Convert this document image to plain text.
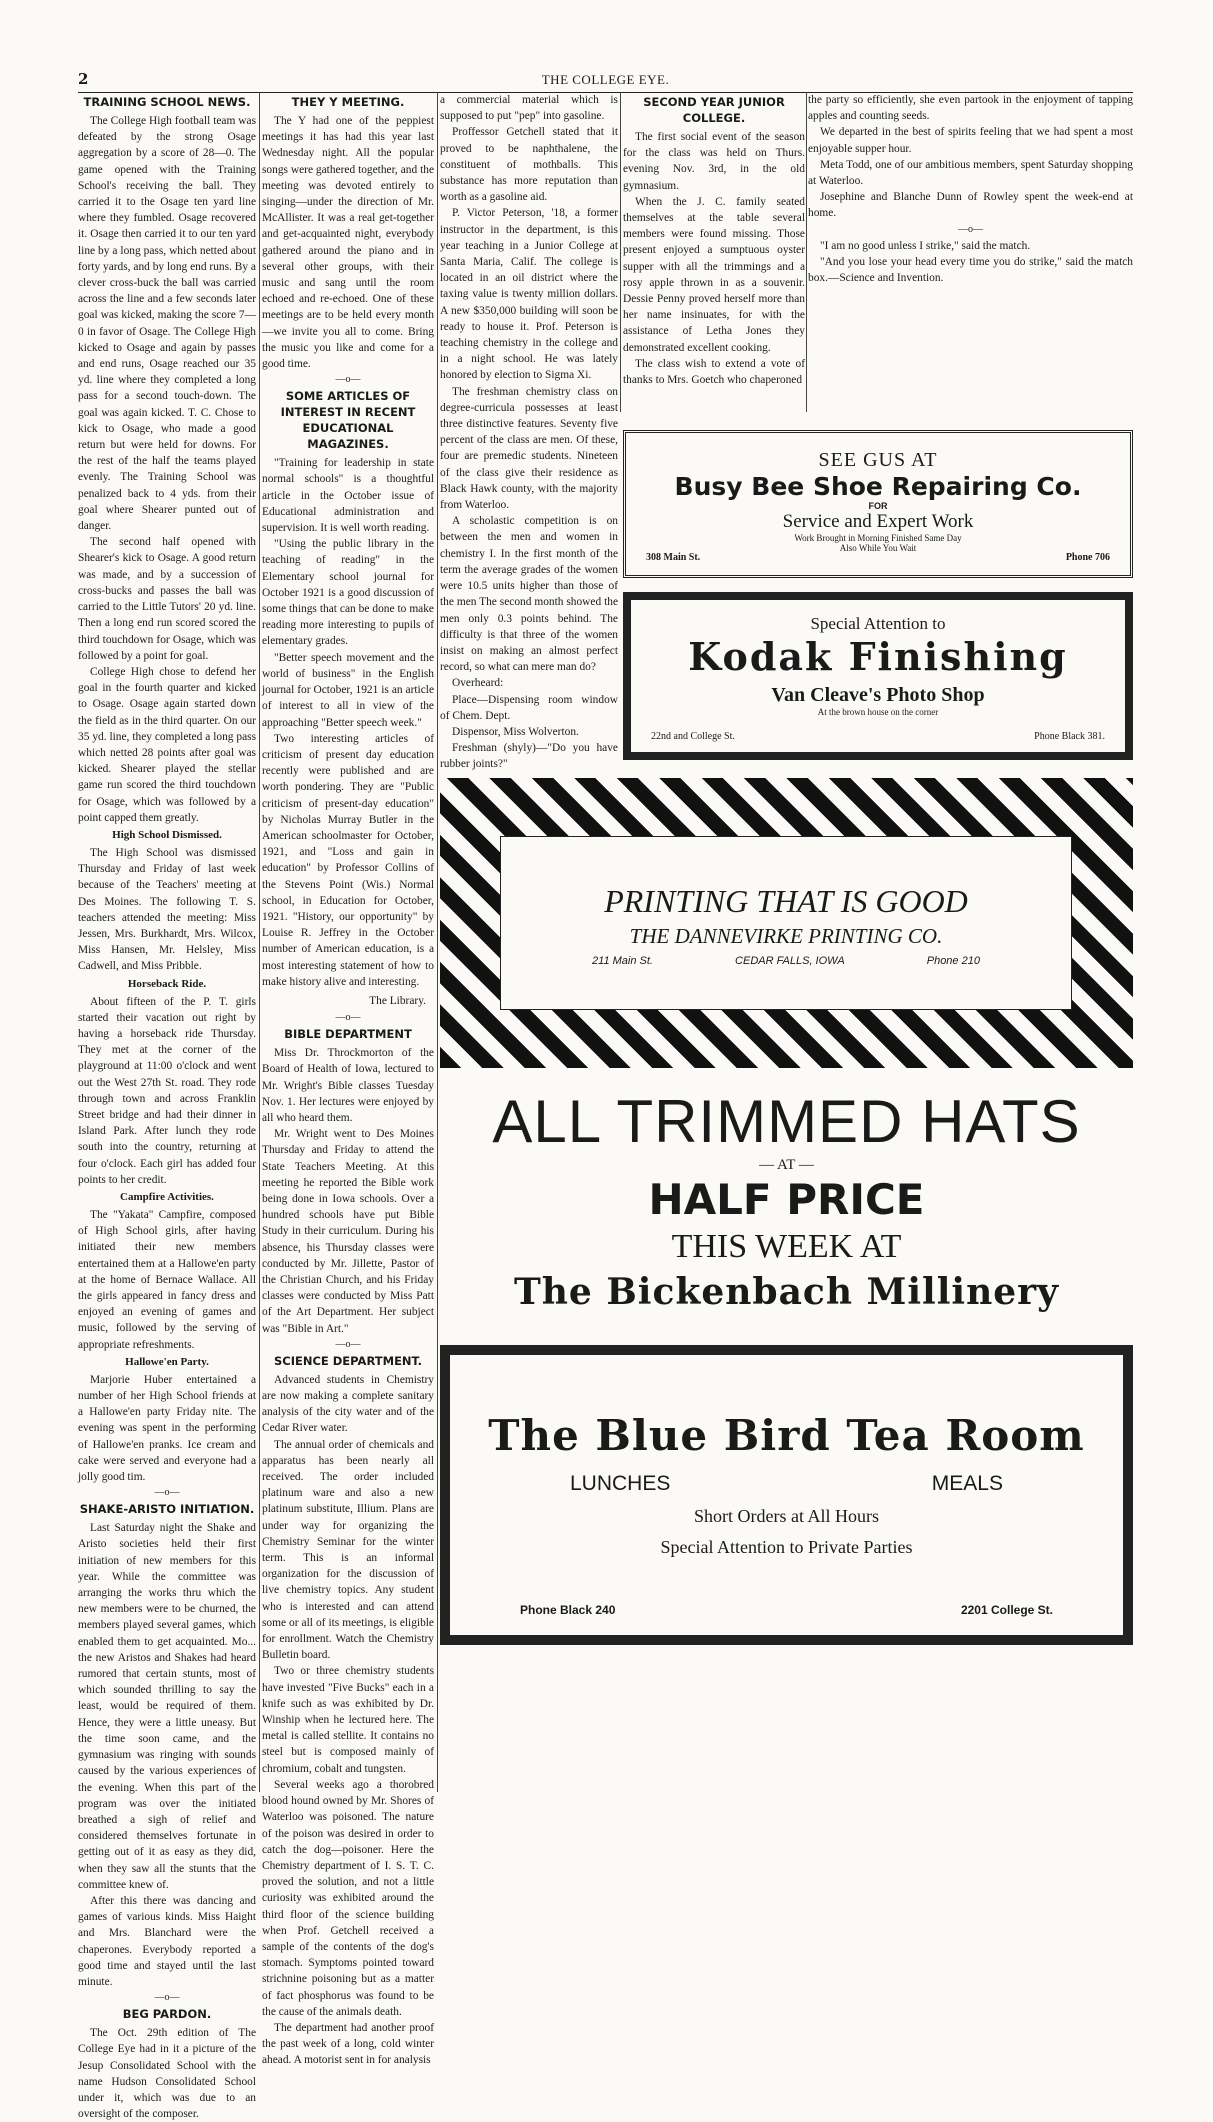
2	THE COLLEGE EYE.
TRAINING SCHOOL NEWS.

The College High football team was defeated by the strong Osage aggregation by a score of 28—0. The game opened with the Training School's receiving the ball. They carried it to the Osage ten yard line where they fumbled. Osage recovered it. Osage then carried it to our ten yard line by a long pass, which netted about forty yards, and by long end runs. By a clever cross-buck the ball was carried across the line and a few seconds later goal was kicked, making the score 7—0 in favor of Osage. The College High kicked to Osage and again by passes and end runs, Osage reached our 35 yd. line where they completed a long pass for a second touch-down. The goal was again kicked. T. C. Chose to kick to Osage, who made a good return but were held for downs. For the rest of the half the teams played evenly. The Training School was penalized back to 4 yds. from their goal where Shearer punted out of danger.

The second half opened with Shearer's kick to Osage. A good return was made, and by a succession of cross-bucks and passes the ball was carried to the Little Tutors' 20 yd. line. Then a long end run scored scored the third touchdown for Osage, which was followed by a point for goal.

College High chose to defend her goal in the fourth quarter and kicked to Osage. Osage again started down the field as in the third quarter. On our 35 yd. line, they completed a long pass which netted 28 points after goal was kicked. Shearer played the stellar game run scored the third touchdown for Osage, which was followed by a point capped them greatly.

High School Dismissed.

The High School was dismissed Thursday and Friday of last week because of the Teachers' meeting at Des Moines. The following T. S. teachers attended the meeting: Miss Jessen, Mrs. Burkhardt, Mrs. Wilcox, Miss Hansen, Mr. Helsley, Miss Cadwell, and Miss Pribble.

Horseback Ride.

About fifteen of the P. T. girls started their vacation out right by having a horseback ride Thursday. They met at the corner of the playground at 11:00 o'clock and went out the West 27th St. road. They rode through town and across Franklin Street bridge and had their dinner in Island Park. After lunch they rode south into the country, returning at four o'clock. Each girl has added four points to her credit.

Campfire Activities.

The "Yakata" Campfire, composed of High School girls, after having initiated their new members entertained them at a Hallowe'en party at the home of Bernace Wallace. All the girls appeared in fancy dress and enjoyed an evening of games and music, followed by the serving of appropriate refreshments.

Hallowe'en Party.

Marjorie Huber entertained a number of her High School friends at a Hallowe'en party Friday nite. The evening was spent in the performing of Hallowe'en pranks. Ice cream and cake were served and everyone had a jolly good tim.

—o—
SHAKE-ARISTO INITIATION.

Last Saturday night the Shake and Aristo societies held their first initiation of new members for this year. While the committee was arranging the works thru which the new members were to be churned, the members played several games, which enabled them to get acquainted. Mo... the new Aristos and Shakes had heard rumored that certain stunts, most of which sounded thrilling to say the least, would be required of them. Hence, they were a little uneasy. But the time soon came, and the gymnasium was ringing with sounds caused by the various experiences of the evening. When this part of the program was over the initiated breathed a sigh of relief and considered themselves fortunate in getting out of it as easy as they did, when they saw all the stunts that the committee knew of.

After this there was dancing and games of various kinds. Miss Haight and Mrs. Blanchard were the chaperones. Everybody reported a good time and stayed until the last minute.

—o—
BEG PARDON.

The Oct. 29th edition of The College Eye had in it a picture of the Jesup Consolidated School with the name Hudson Consolidated School under it, which was due to an oversight of the composer.

THEY Y MEETING.

The Y had one of the peppiest meetings it has had this year last Wednesday night. All the popular songs were gathered together, and the meeting was devoted entirely to singing—under the direction of Mr. McAllister. It was a real get-together and get-acquainted night, everybody gathered around the piano and in several other groups, with their music and sang until the room echoed and re-echoed. One of these meetings are to be held every month—we invite you all to come. Bring the music you like and come for a good time.

—o—
SOME ARTICLES OF INTEREST IN RECENT EDUCATIONAL MAGAZINES.

"Training for leadership in state normal schools" is a thoughtful article in the October issue of Educational administration and supervision. It is well worth reading.

"Using the public library in the teaching of reading" in the Elementary school journal for October 1921 is a good discussion of some things that can be done to make reading more interesting to pupils of elementary grades.

"Better speech movement and the world of business" in the English journal for October, 1921 is an article of interest to all in view of the approaching "Better speech week."

Two interesting articles of criticism of present day education recently were published and are worth pondering. They are "Public criticism of present-day education" by Nicholas Murray Butler in the American schoolmaster for October, 1921, and "Loss and gain in education" by Professor Collins of the Stevens Point (Wis.) Normal school, in Education for October, 1921. "History, our opportunity" by Louise R. Jeffrey in the October number of American education, is a most interesting statement of how to make history alive and interesting.

The Library.
—o—
BIBLE DEPARTMENT

Miss Dr. Throckmorton of the Board of Health of Iowa, lectured to Mr. Wright's Bible classes Tuesday Nov. 1. Her lectures were enjoyed by all who heard them.

Mr. Wright went to Des Moines Thursday and Friday to attend the State Teachers Meeting. At this meeting he reported the Bible work being done in Iowa schools. Over a hundred schools have put Bible Study in their curriculum. During his absence, his Thursday classes were conducted by Mr. Jillette, Pastor of the Christian Church, and his Friday classes were conducted by Miss Patt of the Art Department. Her subject was "Bible in Art."

—o—
SCIENCE DEPARTMENT.

Advanced students in Chemistry are now making a complete sanitary analysis of the city water and of the Cedar River water.

The annual order of chemicals and apparatus has been nearly all received. The order included platinum ware and also a new platinum substitute, Illium. Plans are under way for organizing the Chemistry Seminar for the winter term. This is an informal organization for the discussion of live chemistry topics. Any student who is interested and can attend some or all of its meetings, is eligible for enrollment. Watch the Chemistry Bulletin board.

Two or three chemistry students have invested "Five Bucks" each in a knife such as was exhibited by Dr. Winship when he lectured here. The metal is called stellite. It contains no steel but is composed mainly of chromium, cobalt and tungsten.

Several weeks ago a thorobred blood hound owned by Mr. Shores of Waterloo was poisoned. The nature of the poison was desired in order to catch the dog—poisoner. Here the Chemistry department of I. S. T. C. proved the solution, and not a little curiosity was exhibited around the third floor of the science building when Prof. Getchell received a sample of the contents of the dog's stomach. Symptoms pointed toward strichnine poisoning but as a matter of fact phosphorus was found to be the cause of the animals death.

The department had another proof the past week of a long, cold winter ahead. A motorist sent in for analysis

a commercial material which is supposed to put "pep" into gasoline.

Proffessor Getchell stated that it proved to be naphthalene, the constituent of mothballs. This substance has more reputation than worth as a gasoline aid.

P. Victor Peterson, '18, a former instructor in the department, is this year teaching in a Junior College at Santa Maria, Calif. The college is located in an oil district where the taxing value is twenty million dollars. A new $350,000 building will soon be ready to house it. Prof. Peterson is teaching chemistry in the college and in a night school. He was lately honored by election to Sigma Xi.

The freshman chemistry class on degree-curricula possesses at least three distinctive features. Seventy five percent of the class are men. Of these, four are premedic students. Nineteen of the class give their residence as Black Hawk county, with the majority from Waterloo.

A scholastic competition is on between the men and women in chemistry I. In the first month of the term the average grades of the women were 10.5 units higher than those of the men The second month showed the men only 0.3 points behind. The difficulty is that three of the women insist on making an almost perfect record, so what can mere man do?

Overheard:

Place—Dispensing room window of Chem. Dept.

Dispensor, Miss Wolverton.

Freshman (shyly)—"Do you have rubber joints?"

SECOND YEAR JUNIOR COLLEGE.

The first social event of the season for the class was held on Thurs. evening Nov. 3rd, in the old gymnasium.

When the J. C. family seated themselves at the table several members were found missing. Those present enjoyed a sumptuous oyster supper with all the trimmings and a rosy apple thrown in as a souvenir. Dessie Penny proved herself more than her name insinuates, for with the assistance of Letha Jones they demonstrated excellent cooking.

The class wish to extend a vote of thanks to Mrs. Goetch who chaperoned

the party so efficiently, she even partook in the enjoyment of tapping apples and counting seeds.

We departed in the best of spirits feeling that we had spent a most enjoyable supper hour.

Meta Todd, one of our ambitious members, spent Saturday shopping at Waterloo.

Josephine and Blanche Dunn of Rowley spent the week-end at home.

—o—

"I am no good unless I strike," said the match.

"And you lose your head every time you do strike," said the match box.—Science and Invention.

SEE GUS AT
Busy Bee Shoe Repairing Co.
FOR
Service and Expert Work
Work Brought in Morning Finished Same Day
Also While You Wait
308 Main St.	Phone 706
Special Attention to
Kodak Finishing
Van Cleave's Photo Shop
At the brown house on the corner
22nd and College St.	Phone Black 381.
PRINTING THAT IS GOOD
THE DANNEVIRKE PRINTING CO.
211 Main St.	CEDAR FALLS, IOWA	Phone 210
ALL TRIMMED HATS
— AT —
HALF PRICE
THIS WEEK AT
The Bickenbach Millinery
The Blue Bird Tea Room
LUNCHES	MEALS
Short Orders at All Hours
Special Attention to Private Parties
Phone Black 240	2201 College St.
